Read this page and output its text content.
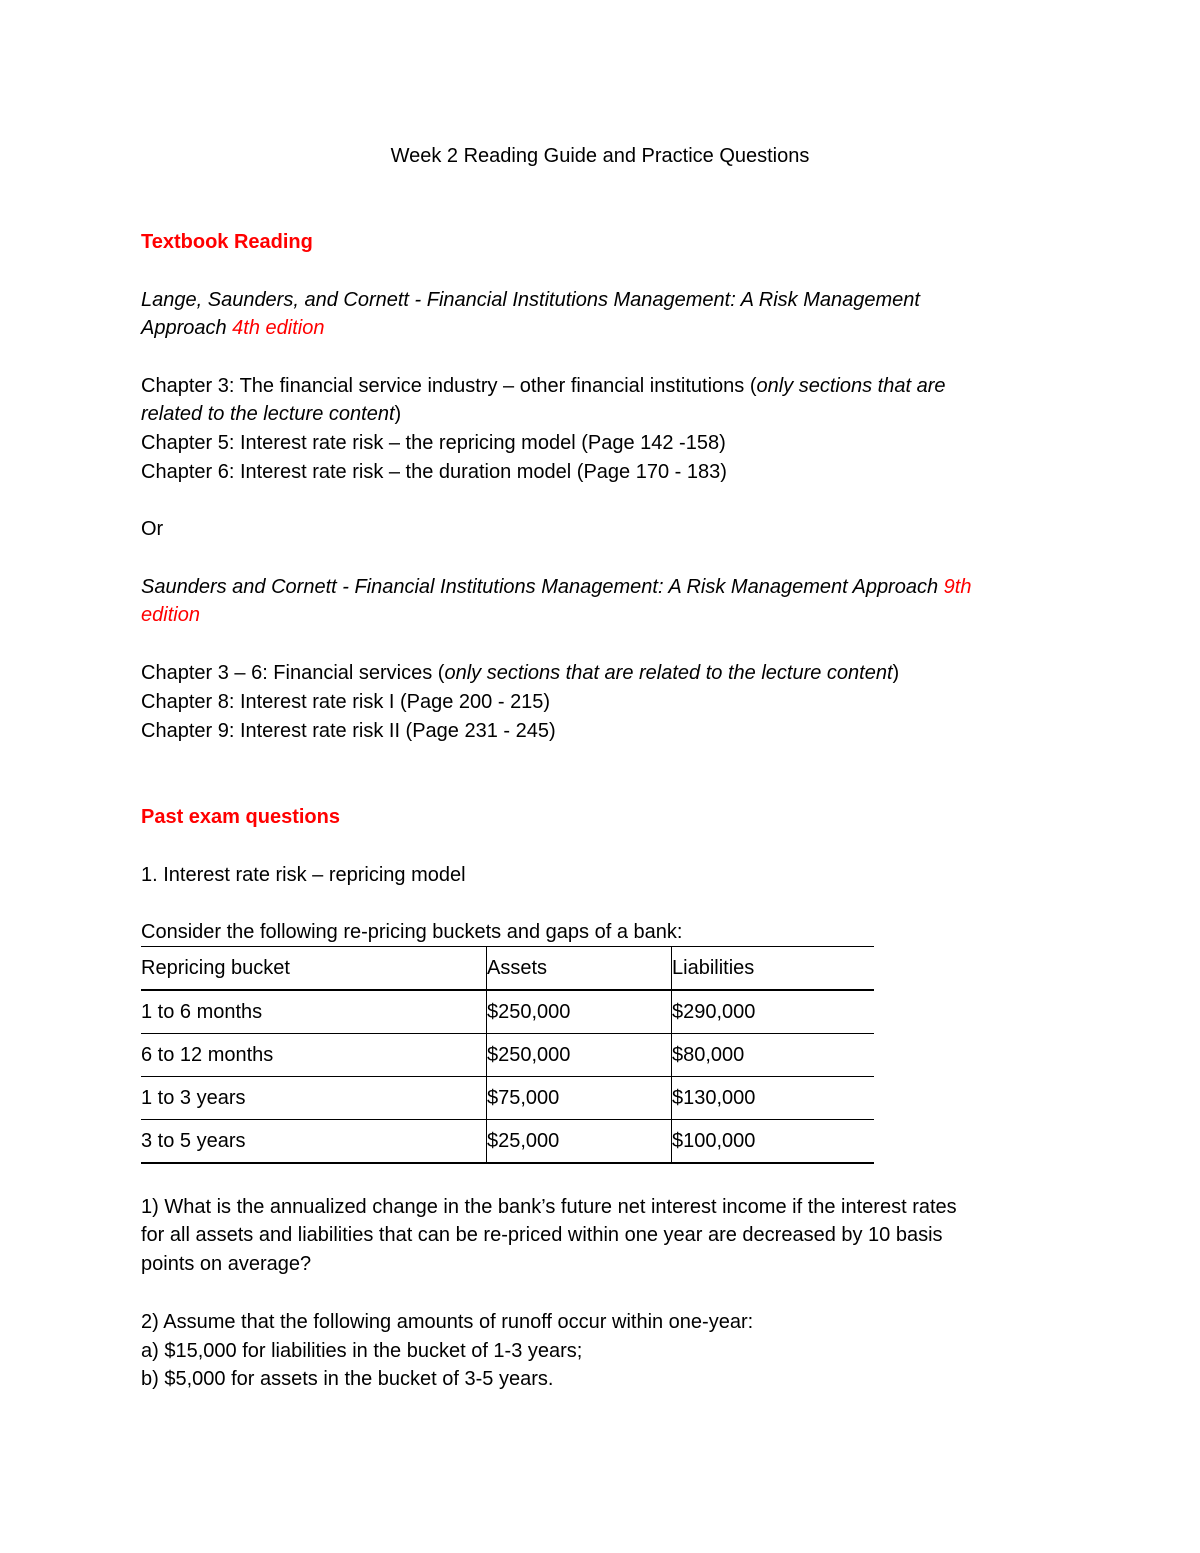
Week 2 Reading Guide and Practice Questions
Textbook Reading
Lange, Saunders, and Cornett - Financial Institutions Management: A Risk Management
Approach 4th edition
Chapter 3: The financial service industry – other financial institutions (only sections that are
related to the lecture content)
Chapter 5: Interest rate risk – the repricing model (Page 142 -158)
Chapter 6: Interest rate risk – the duration model (Page 170 - 183)
Or
Saunders and Cornett - Financial Institutions Management: A Risk Management Approach 9th
edition
Chapter 3 – 6: Financial services (only sections that are related to the lecture content)
Chapter 8: Interest rate risk I (Page 200 - 215)
Chapter 9: Interest rate risk II (Page 231 - 245)
Past exam questions
1. Interest rate risk – repricing model
Consider the following re-pricing buckets and gaps of a bank:
Repricing bucket	Assets	Liabilities
1 to 6 months	$250,000	$290,000
6 to 12 months	$250,000	$80,000
1 to 3 years	$75,000	$130,000
3 to 5 years	$25,000	$100,000
1) What is the annualized change in the bank’s future net interest income if the interest rates
for all assets and liabilities that can be re-priced within one year are decreased by 10 basis
points on average?
2) Assume that the following amounts of runoff occur within one-year:
a) $15,000 for liabilities in the bucket of 1-3 years;
b) $5,000 for assets in the bucket of 3-5 years.
